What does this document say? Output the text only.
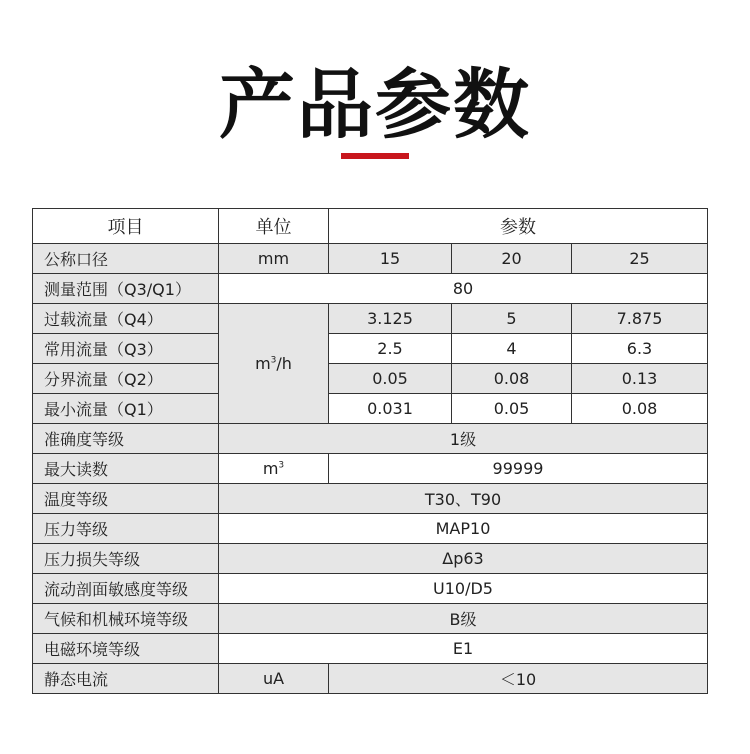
产品参数
项目	单位	参数		
公称口径	mm	15	20	25
测量范围（Q3/Q1）	80			
过载流量（Q4）	$m^3/h$	3.125	5	7.875
常用流量（Q3）		2.5	4	6.3
分界流量（Q2）		0.05	0.08	0.13
最小流量（Q1）		0.031	0.05	0.08
准确度等级	1级			
最大读数	$m^3$	99999		
温度等级	T30、T90			
压力等级	MAP10			
压力损失等级	Δp63			
流动剖面敏感度等级	U10/D5			
气候和机械环境等级	B级			
电磁环境等级	E1			
静态电流	uA	＜10		
